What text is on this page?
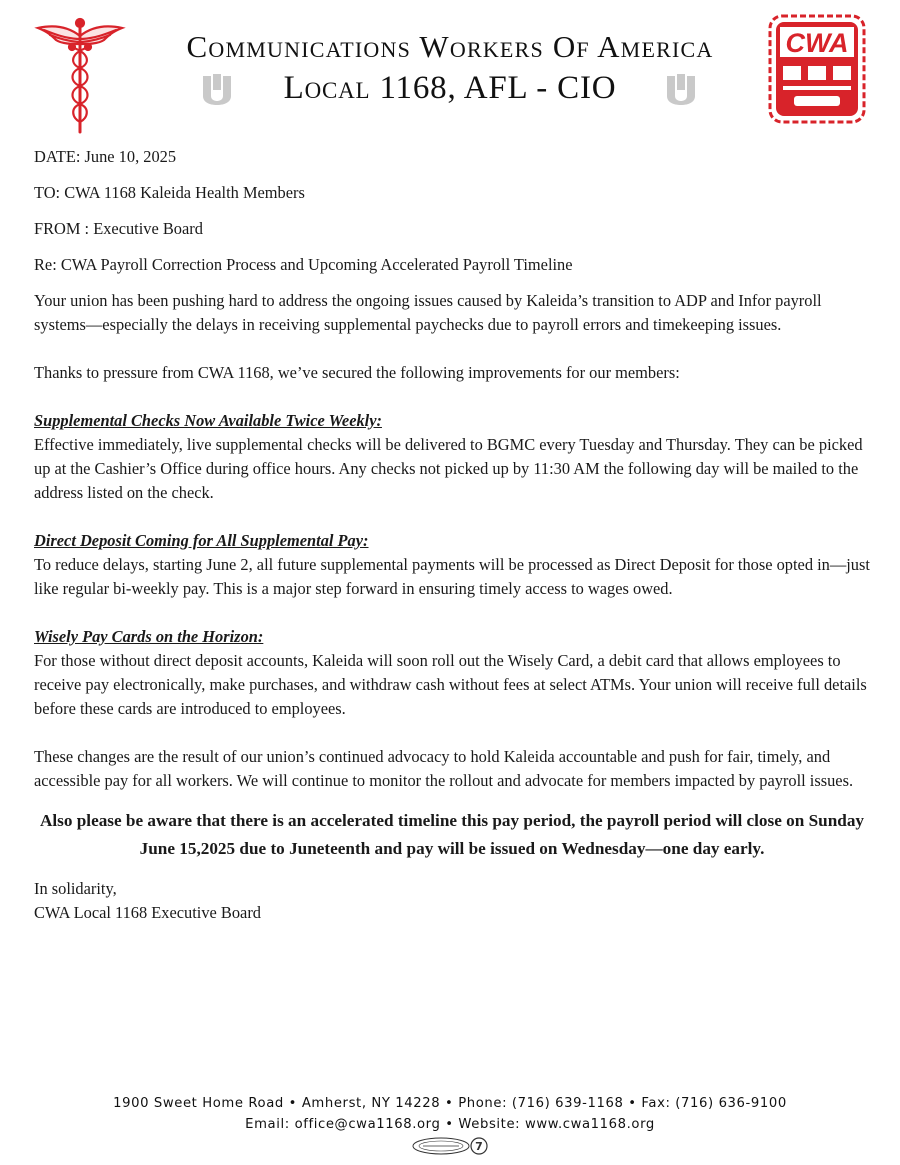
Communications Workers Of America
Local 1168, AFL - CIO
CWA
DATE: June 10, 2025
TO: CWA 1168 Kaleida Health Members
FROM : Executive Board
Re: CWA Payroll Correction Process and Upcoming Accelerated Payroll Timeline

Your union has been pushing hard to address the ongoing issues caused by Kaleida’s transition to ADP and Infor payroll systems—especially the delays in receiving supplemental paychecks due to payroll errors and timekeeping issues.

Thanks to pressure from CWA 1168, we’ve secured the following improvements for our members:

Supplemental Checks Now Available Twice Weekly:
Effective immediately, live supplemental checks will be delivered to BGMC every Tuesday and Thursday. They can be picked up at the Cashier’s Office during office hours. Any checks not picked up by 11:30 AM the following day will be mailed to the address listed on the check.

Direct Deposit Coming for All Supplemental Pay:
To reduce delays, starting June 2, all future supplemental payments will be processed as Direct Deposit for those opted in—just like regular bi-weekly pay. This is a major step forward in ensuring timely access to wages owed.

Wisely Pay Cards on the Horizon:
For those without direct deposit accounts, Kaleida will soon roll out the Wisely Card, a debit card that allows employees to receive pay electronically, make purchases, and withdraw cash without fees at select ATMs. Your union will receive full details before these cards are introduced to employees.

These changes are the result of our union’s continued advocacy to hold Kaleida accountable and push for fair, timely, and accessible pay for all workers. We will continue to monitor the rollout and advocate for members impacted by payroll issues.

Also please be aware that there is an accelerated timeline this pay period, the payroll period will close on Sunday June 15,2025 due to Juneteenth and pay will be issued on Wednesday—one day early.

In solidarity,

CWA Local 1168 Executive Board

1900 Sweet Home Road • Amherst, NY 14228 • Phone: (716) 639-1168 • Fax: (716) 636-9100
Email: office@cwa1168.org • Website: www.cwa1168.org
7
